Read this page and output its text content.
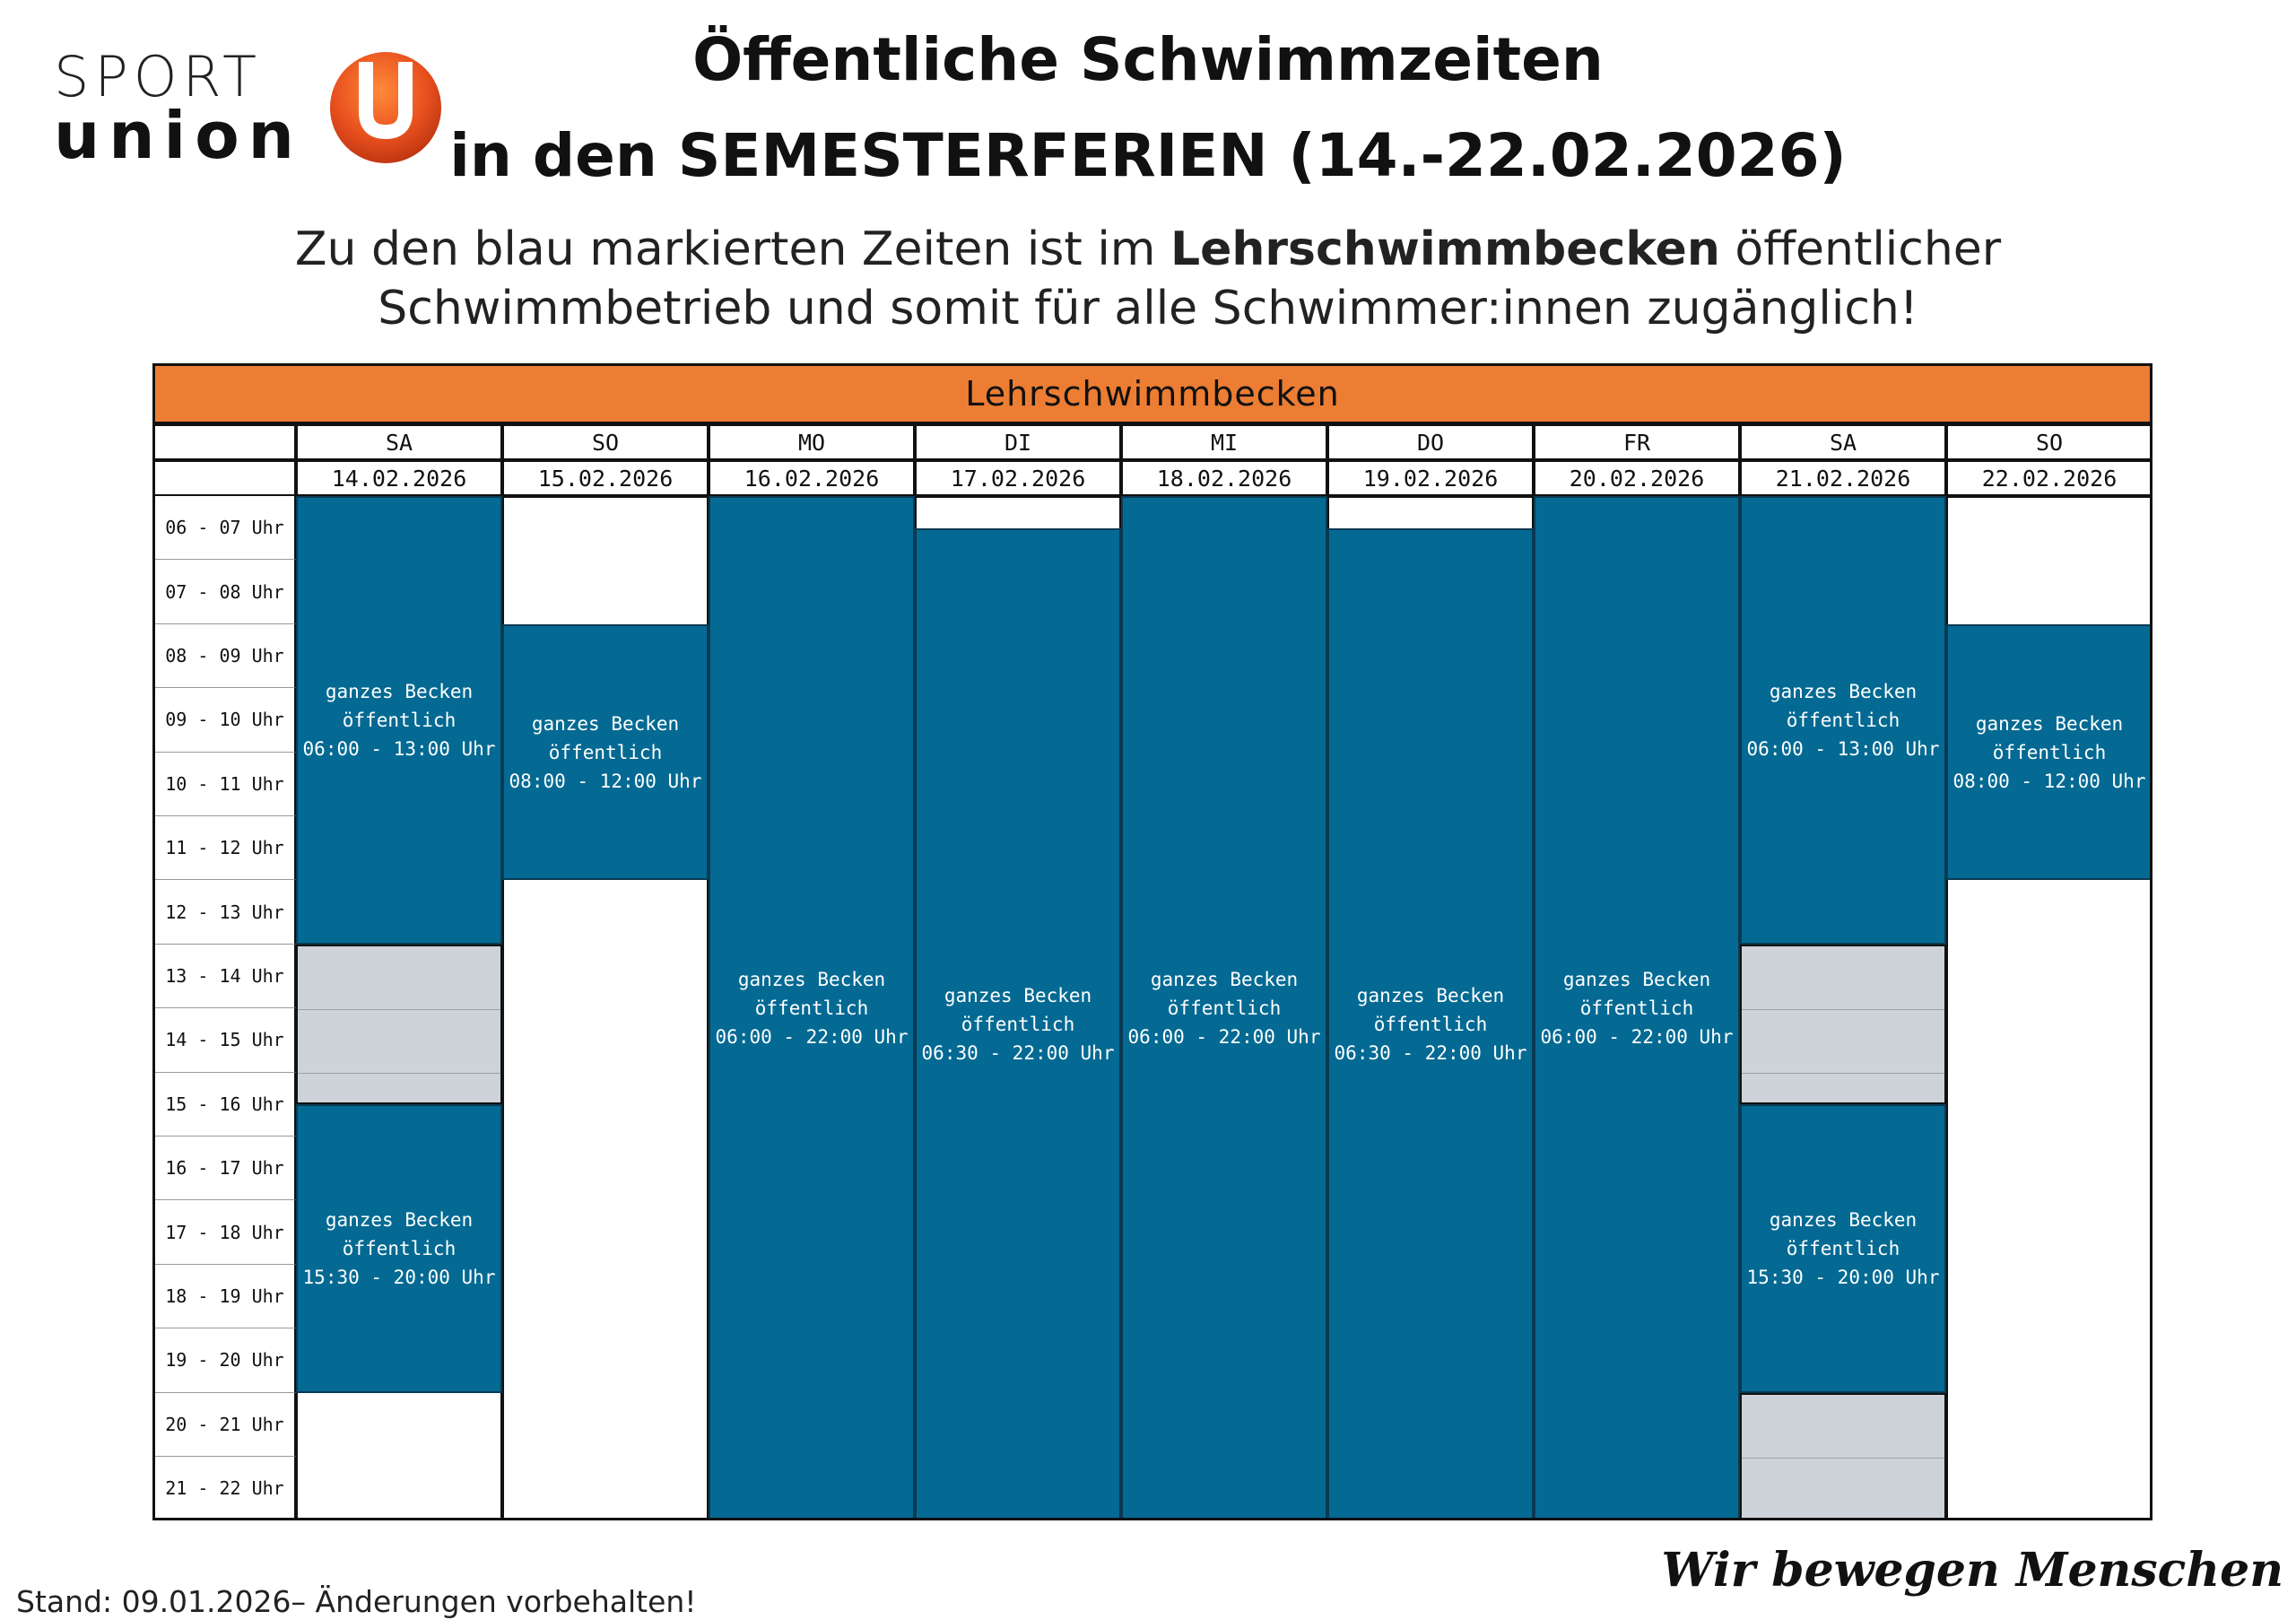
SPORT
union
Öffentliche Schwimmzeiten
in den SEMESTERFERIEN (14.-22.02.2026)
Zu den blau markierten Zeiten ist im Lehrschwimmbecken öffentlicher
Schwimmbetrieb und somit für alle Schwimmer:innen zugänglich!
Lehrschwimmbecken
SA
14.02.2026
SO
15.02.2026
MO
16.02.2026
DI
17.02.2026
MI
18.02.2026
DO
19.02.2026
FR
20.02.2026
SA
21.02.2026
SO
22.02.2026
06 - 07 Uhr
07 - 08 Uhr
08 - 09 Uhr
09 - 10 Uhr
10 - 11 Uhr
11 - 12 Uhr
12 - 13 Uhr
13 - 14 Uhr
14 - 15 Uhr
15 - 16 Uhr
16 - 17 Uhr
17 - 18 Uhr
18 - 19 Uhr
19 - 20 Uhr
20 - 21 Uhr
21 - 22 Uhr
ganzes Becken
öffentlich
06:00 - 13:00 Uhr
ganzes Becken
öffentlich
15:30 - 20:00 Uhr
ganzes Becken
öffentlich
08:00 - 12:00 Uhr
ganzes Becken
öffentlich
06:00 - 22:00 Uhr
ganzes Becken
öffentlich
06:30 - 22:00 Uhr
ganzes Becken
öffentlich
06:00 - 22:00 Uhr
ganzes Becken
öffentlich
06:30 - 22:00 Uhr
ganzes Becken
öffentlich
06:00 - 22:00 Uhr
ganzes Becken
öffentlich
06:00 - 13:00 Uhr
ganzes Becken
öffentlich
15:30 - 20:00 Uhr
ganzes Becken
öffentlich
08:00 - 12:00 Uhr
Stand: 09.01.2026– Änderungen vorbehalten!
Wir bewegen Menschen
